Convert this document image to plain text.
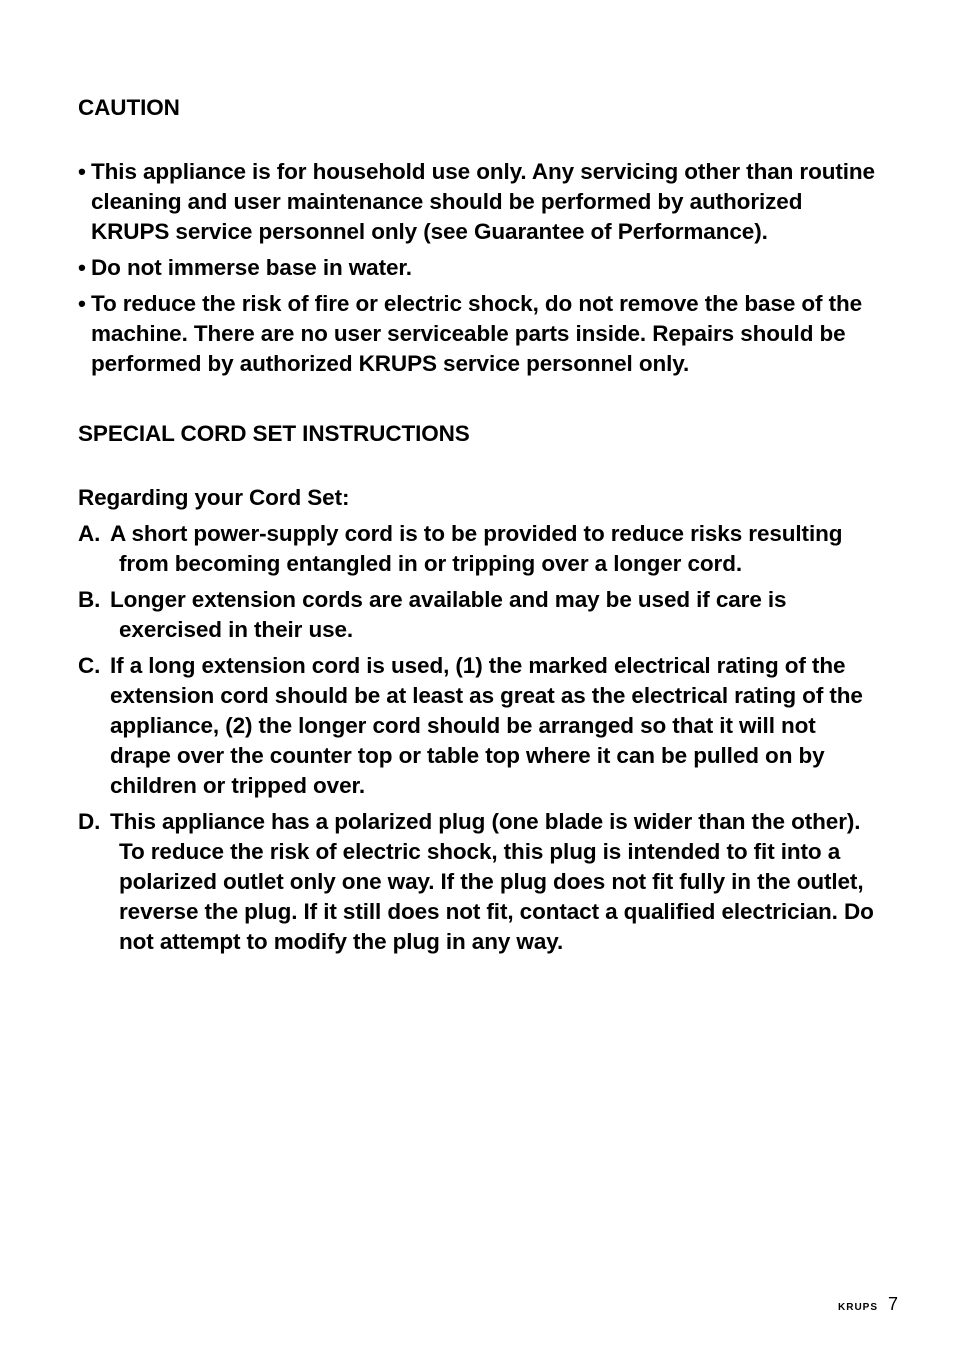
CAUTION
• This appliance is for household use only. Any servicing other than routine cleaning and user maintenance should be performed by authorized KRUPS service personnel only (see Guarantee of Performance).
• Do not immerse base in water.
• To reduce the risk of fire or electric shock, do not remove the base of the machine. There are no user serviceable parts inside. Repairs should be performed by authorized KRUPS service personnel only.
SPECIAL CORD SET INSTRUCTIONS

Regarding your Cord Set:

A. A short power-supply cord is to be provided to reduce risks resulting from becoming entangled in or tripping over a longer cord.
B. Longer extension cords are available and may be used if care is exercised in their use.
C. If a long extension cord is used, (1) the marked electrical rating of the extension cord should be at least as great as the electrical rating of the appliance, (2) the longer cord should be arranged so that it will not drape over the counter top or table top where it can be pulled on by children or tripped over.
D. This appliance has a polarized plug (one blade is wider than the other). To reduce the risk of electric shock, this plug is intended to fit into a polarized outlet only one way. If the plug does not fit fully in the outlet, reverse the plug. If it still does not fit, contact a qualified electrician. Do not attempt to modify the plug in any way.
KRUPS 7
